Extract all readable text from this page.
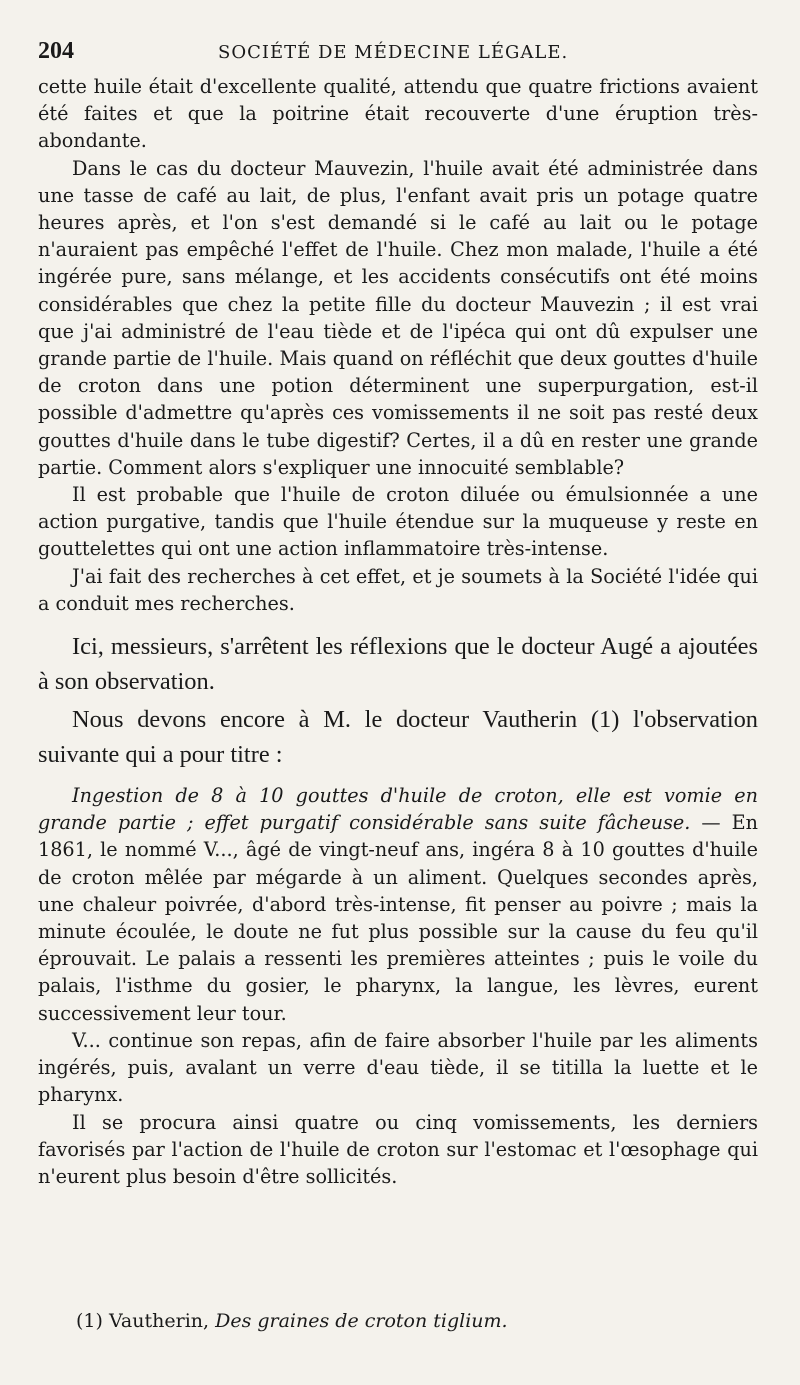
204	SOCIÉTÉ DE MÉDECINE LÉGALE.

cette huile était d'excellente qualité, attendu que quatre frictions avaient été faites et que la poitrine était recouverte d'une éruption très-abondante.

Dans le cas du docteur Mauvezin, l'huile avait été administrée dans une tasse de café au lait, de plus, l'enfant avait pris un potage quatre heures après, et l'on s'est demandé si le café au lait ou le potage n'auraient pas empêché l'effet de l'huile. Chez mon malade, l'huile a été ingérée pure, sans mélange, et les accidents consécutifs ont été moins considérables que chez la petite fille du docteur Mauvezin ; il est vrai que j'ai administré de l'eau tiède et de l'ipéca qui ont dû expulser une grande partie de l'huile. Mais quand on réfléchit que deux gouttes d'huile de croton dans une potion déterminent une superpurgation, est-il possible d'admettre qu'après ces vomissements il ne soit pas resté deux gouttes d'huile dans le tube digestif? Certes, il a dû en rester une grande partie. Comment alors s'expliquer une innocuité semblable?

Il est probable que l'huile de croton diluée ou émulsionnée a une action purgative, tandis que l'huile étendue sur la muqueuse y reste en gouttelettes qui ont une action inflammatoire très-intense.

J'ai fait des recherches à cet effet, et je soumets à la Société l'idée qui a conduit mes recherches.

Ici, messieurs, s'arrêtent les réflexions que le docteur Augé a ajoutées à son observation.

Nous devons encore à M. le docteur Vautherin (1) l'observation suivante qui a pour titre :

Ingestion de 8 à 10 gouttes d'huile de croton, elle est vomie en grande partie ; effet purgatif considérable sans suite fâcheuse. — En 1861, le nommé V..., âgé de vingt-neuf ans, ingéra 8 à 10 gouttes d'huile de croton mêlée par mégarde à un aliment. Quelques secondes après, une chaleur poivrée, d'abord très-intense, fit penser au poivre ; mais la minute écoulée, le doute ne fut plus possible sur la cause du feu qu'il éprouvait. Le palais a ressenti les premières atteintes ; puis le voile du palais, l'isthme du gosier, le pharynx, la langue, les lèvres, eurent successivement leur tour.

V... continue son repas, afin de faire absorber l'huile par les aliments ingérés, puis, avalant un verre d'eau tiède, il se titilla la luette et le pharynx.

Il se procura ainsi quatre ou cinq vomissements, les derniers favorisés par l'action de l'huile de croton sur l'estomac et l'œsophage qui n'eurent plus besoin d'être sollicités.

(1) Vautherin, Des graines de croton tiglium.
